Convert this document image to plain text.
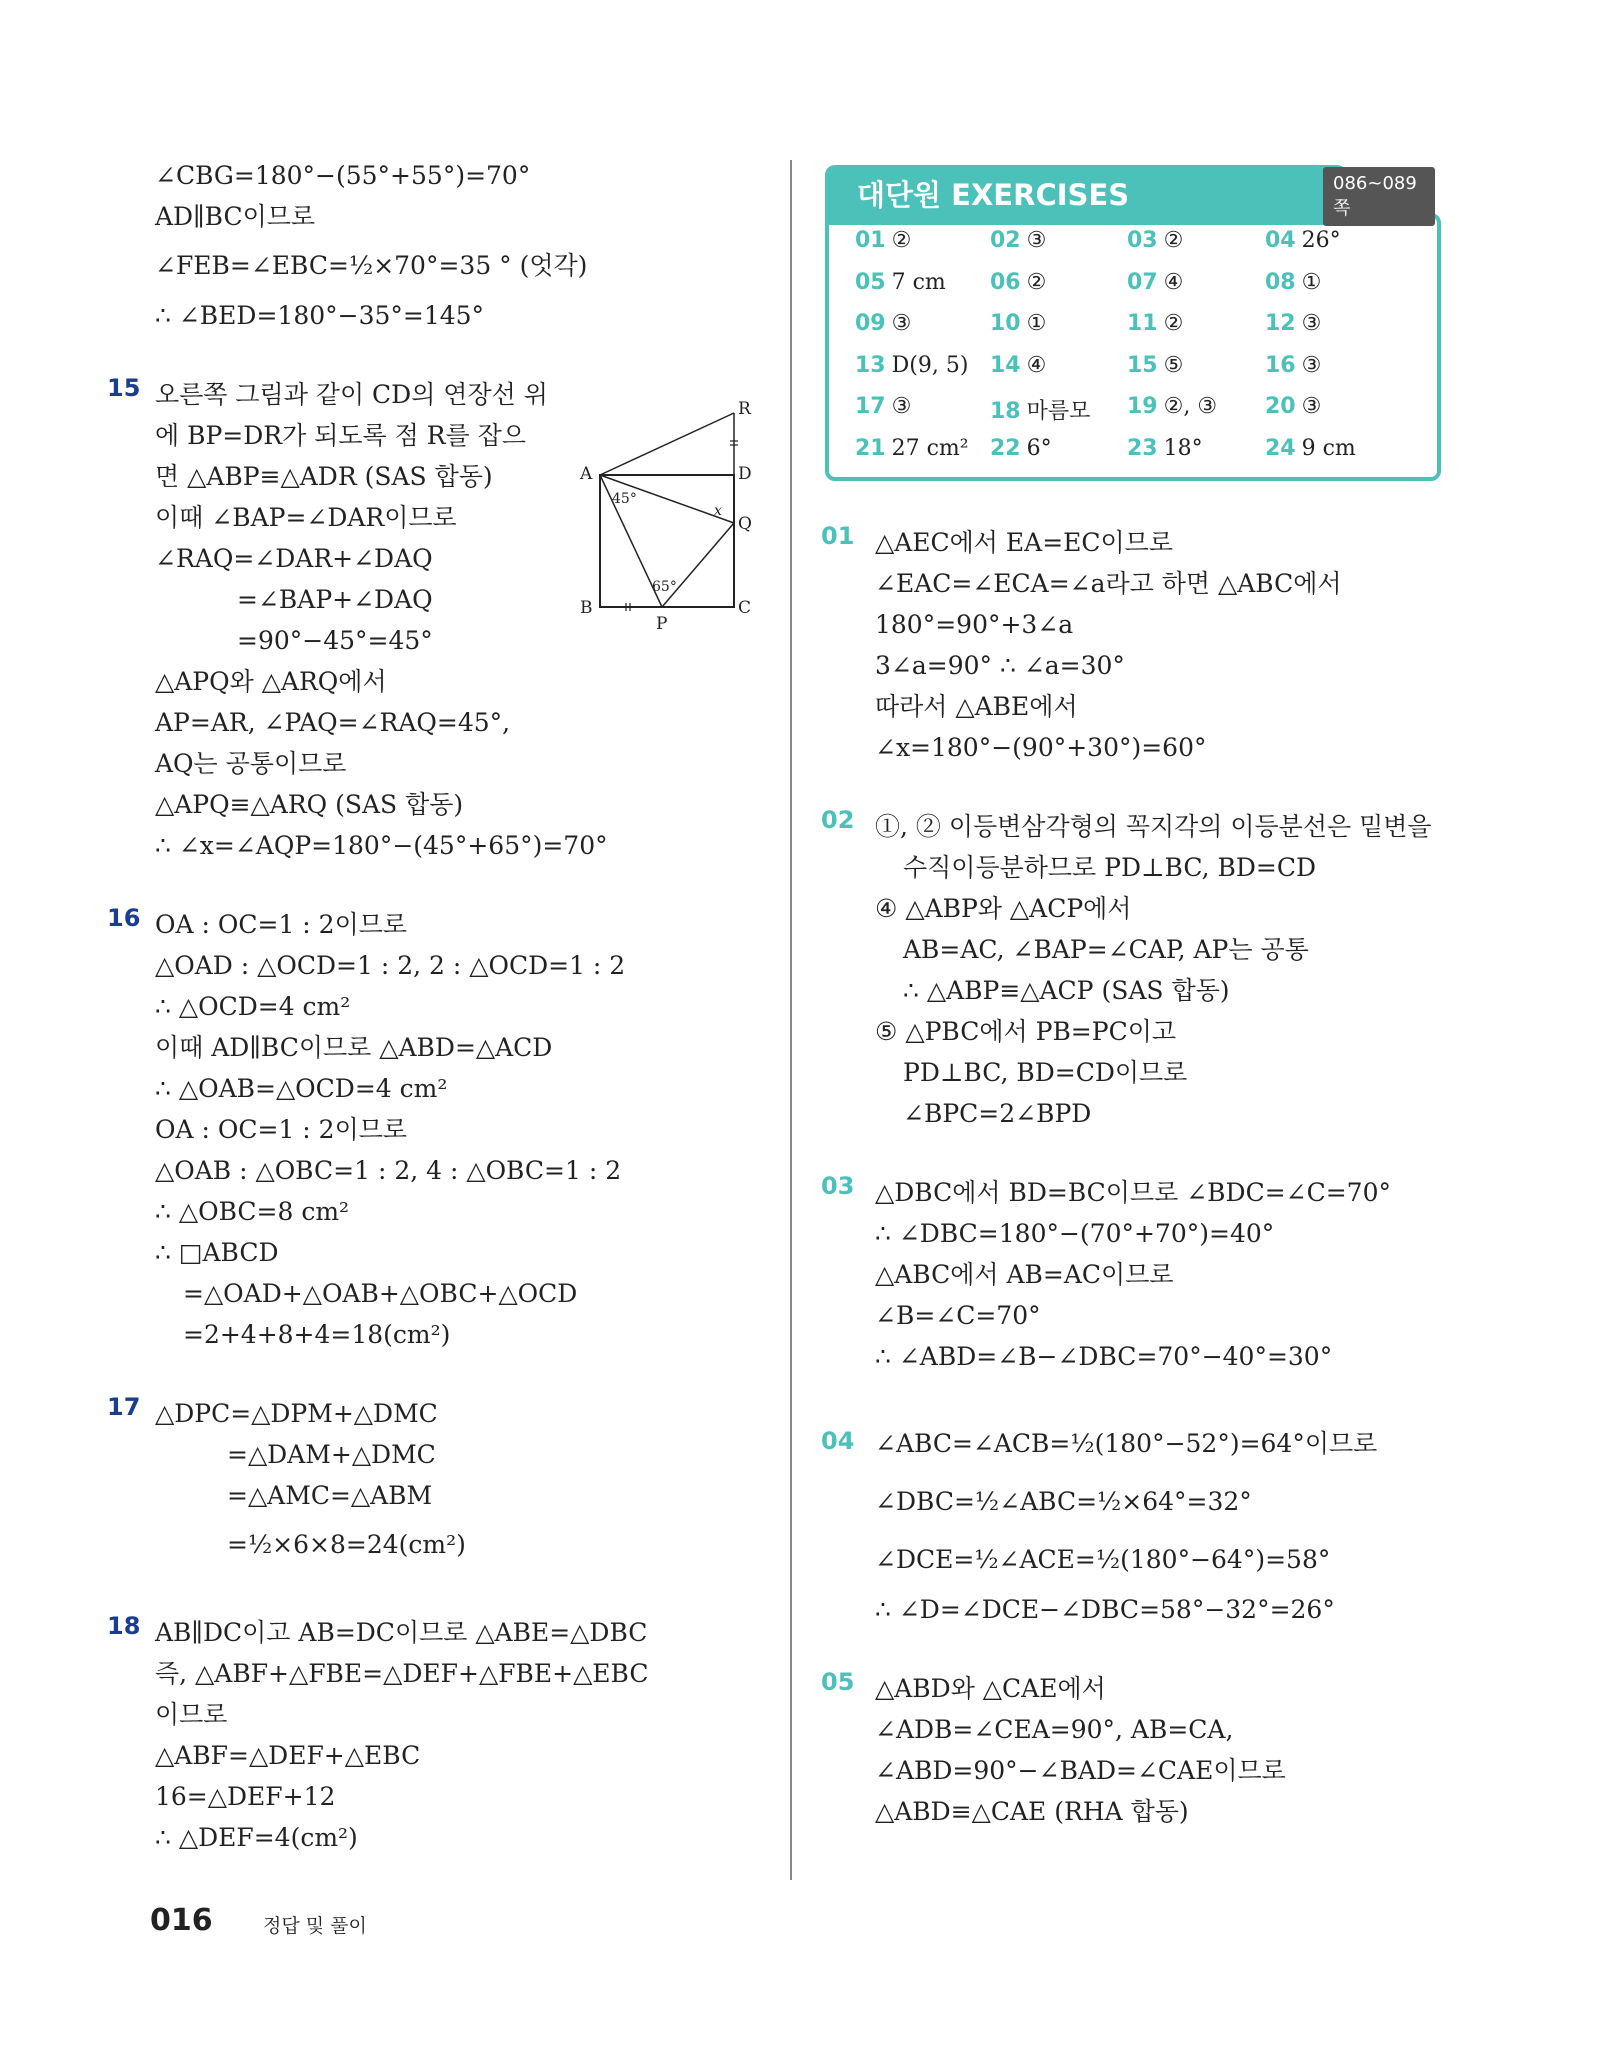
∠CBG=180°−(55°+55°)=70°
AD∥BC이므로
∠FEB=∠EBC=½×70°=35 ° (엇각)
∴ ∠BED=180°−35°=145°
15 오른쪽 그림과 같이 CD의 연장선 위
에 BP=DR가 되도록 점 R를 잡으
면 △ABP≡△ADR (SAS 합동)
이때 ∠BAP=∠DAR이므로
∠RAQ=∠DAR+∠DAQ
=∠BAP+∠DAQ
=90°−45°=45°
△APQ와 △ARQ에서
AP=AR, ∠PAQ=∠RAQ=45°,
AQ는 공통이므로
△APQ≡△ARQ (SAS 합동)
∴ ∠x=∠AQP=180°−(45°+65°)=70°
16 OA : OC=1 : 2이므로
△OAD : △OCD=1 : 2, 2 : △OCD=1 : 2
∴ △OCD=4 cm²
이때 AD∥BC이므로 △ABD=△ACD
∴ △OAB=△OCD=4 cm²
OA : OC=1 : 2이므로
△OAB : △OBC=1 : 2, 4 : △OBC=1 : 2
∴ △OBC=8 cm²
∴ □ABCD
=△OAD+△OAB+△OBC+△OCD
=2+4+8+4=18(cm²)
17 △DPC=△DPM+△DMC
=△DAM+△DMC
=△AMC=△ABM
=½×6×8=24(cm²)
18 AB∥DC이고 AB=DC이므로 △ABE=△DBC
즉, △ABF+△FBE=△DEF+△FBE+△EBC
이므로
△ABF=△DEF+△EBC
16=△DEF+12
∴ △DEF=4(cm²)
R
A	D
Q
B
P
C
45°
65°
x
대단원 EXERCISES	086~089쪽
01 ②	02 ③	03 ②	04 26°
05 7 cm 06 ②	07 ④	08 ①
09 ③	10 ①	11 ②	12 ③
13 D(9, 5) 14 ④	15 ⑤	16 ③
17 ③	18 마름모 19 ②, ③ 20 ③
21 27 cm² 22 6°	23 18°	24 9 cm
01 △AEC에서 EA=EC이므로
∠EAC=∠ECA=∠a라고 하면 △ABC에서
180°=90°+3∠a
3∠a=90° ∴ ∠a=30°
따라서 △ABE에서
∠x=180°−(90°+30°)=60°
02 ①, ② 이등변삼각형의 꼭지각의 이등분선은 밑변을
수직이등분하므로 PD⊥BC, BD=CD
④ △ABP와 △ACP에서
AB=AC, ∠BAP=∠CAP, AP는 공통
∴ △ABP≡△ACP (SAS 합동)
⑤ △PBC에서 PB=PC이고
PD⊥BC, BD=CD이므로
∠BPC=2∠BPD
03 △DBC에서 BD=BC이므로 ∠BDC=∠C=70°
∴ ∠DBC=180°−(70°+70°)=40°
△ABC에서 AB=AC이므로
∠B=∠C=70°
∴ ∠ABD=∠B−∠DBC=70°−40°=30°
04 ∠ABC=∠ACB=½(180°−52°)=64°이므로
∠DBC=½∠ABC=½×64°=32°
∠DCE=½∠ACE=½(180°−64°)=58°
∴ ∠D=∠DCE−∠DBC=58°−32°=26°
05 △ABD와 △CAE에서
∠ADB=∠CEA=90°, AB=CA,
∠ABD=90°−∠BAD=∠CAE이므로
△ABD≡△CAE (RHA 합동)
016	정답 및 풀이
